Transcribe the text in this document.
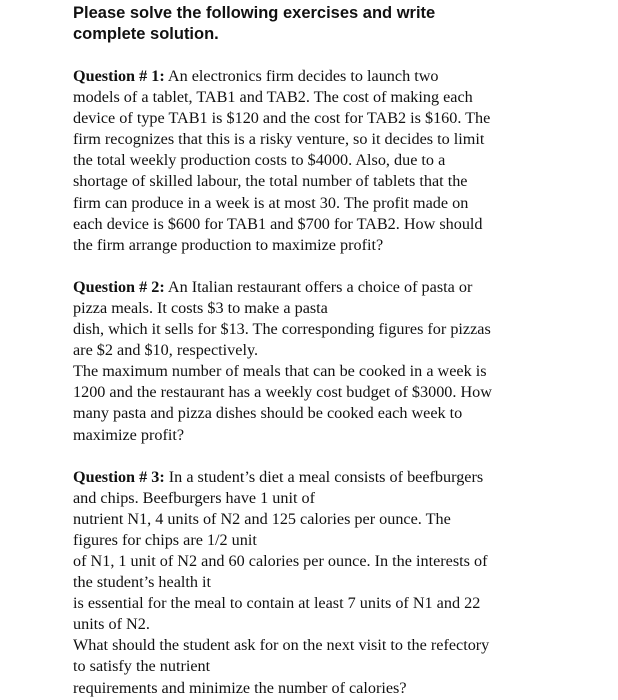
Please solve the following exercises and write
complete solution.
Question # 1: An electronics firm decides to launch two
models of a tablet, TAB1 and TAB2. The cost of making each
device of type TAB1 is $120 and the cost for TAB2 is $160. The
firm recognizes that this is a risky venture, so it decides to limit
the total weekly production costs to $4000. Also, due to a
shortage of skilled labour, the total number of tablets that the
firm can produce in a week is at most 30. The profit made on
each device is $600 for TAB1 and $700 for TAB2. How should
the firm arrange production to maximize profit?
Question # 2: An Italian restaurant offers a choice of pasta or
pizza meals. It costs $3 to make a pasta
dish, which it sells for $13. The corresponding figures for pizzas
are $2 and $10, respectively.
The maximum number of meals that can be cooked in a week is
1200 and the restaurant has a weekly cost budget of $3000. How
many pasta and pizza dishes should be cooked each week to
maximize profit?
Question # 3: In a student’s diet a meal consists of beefburgers
and chips. Beefburgers have 1 unit of
nutrient N1, 4 units of N2 and 125 calories per ounce. The
figures for chips are 1/2 unit
of N1, 1 unit of N2 and 60 calories per ounce. In the interests of
the student’s health it
is essential for the meal to contain at least 7 units of N1 and 22
units of N2.
What should the student ask for on the next visit to the refectory
to satisfy the nutrient
requirements and minimize the number of calories?
